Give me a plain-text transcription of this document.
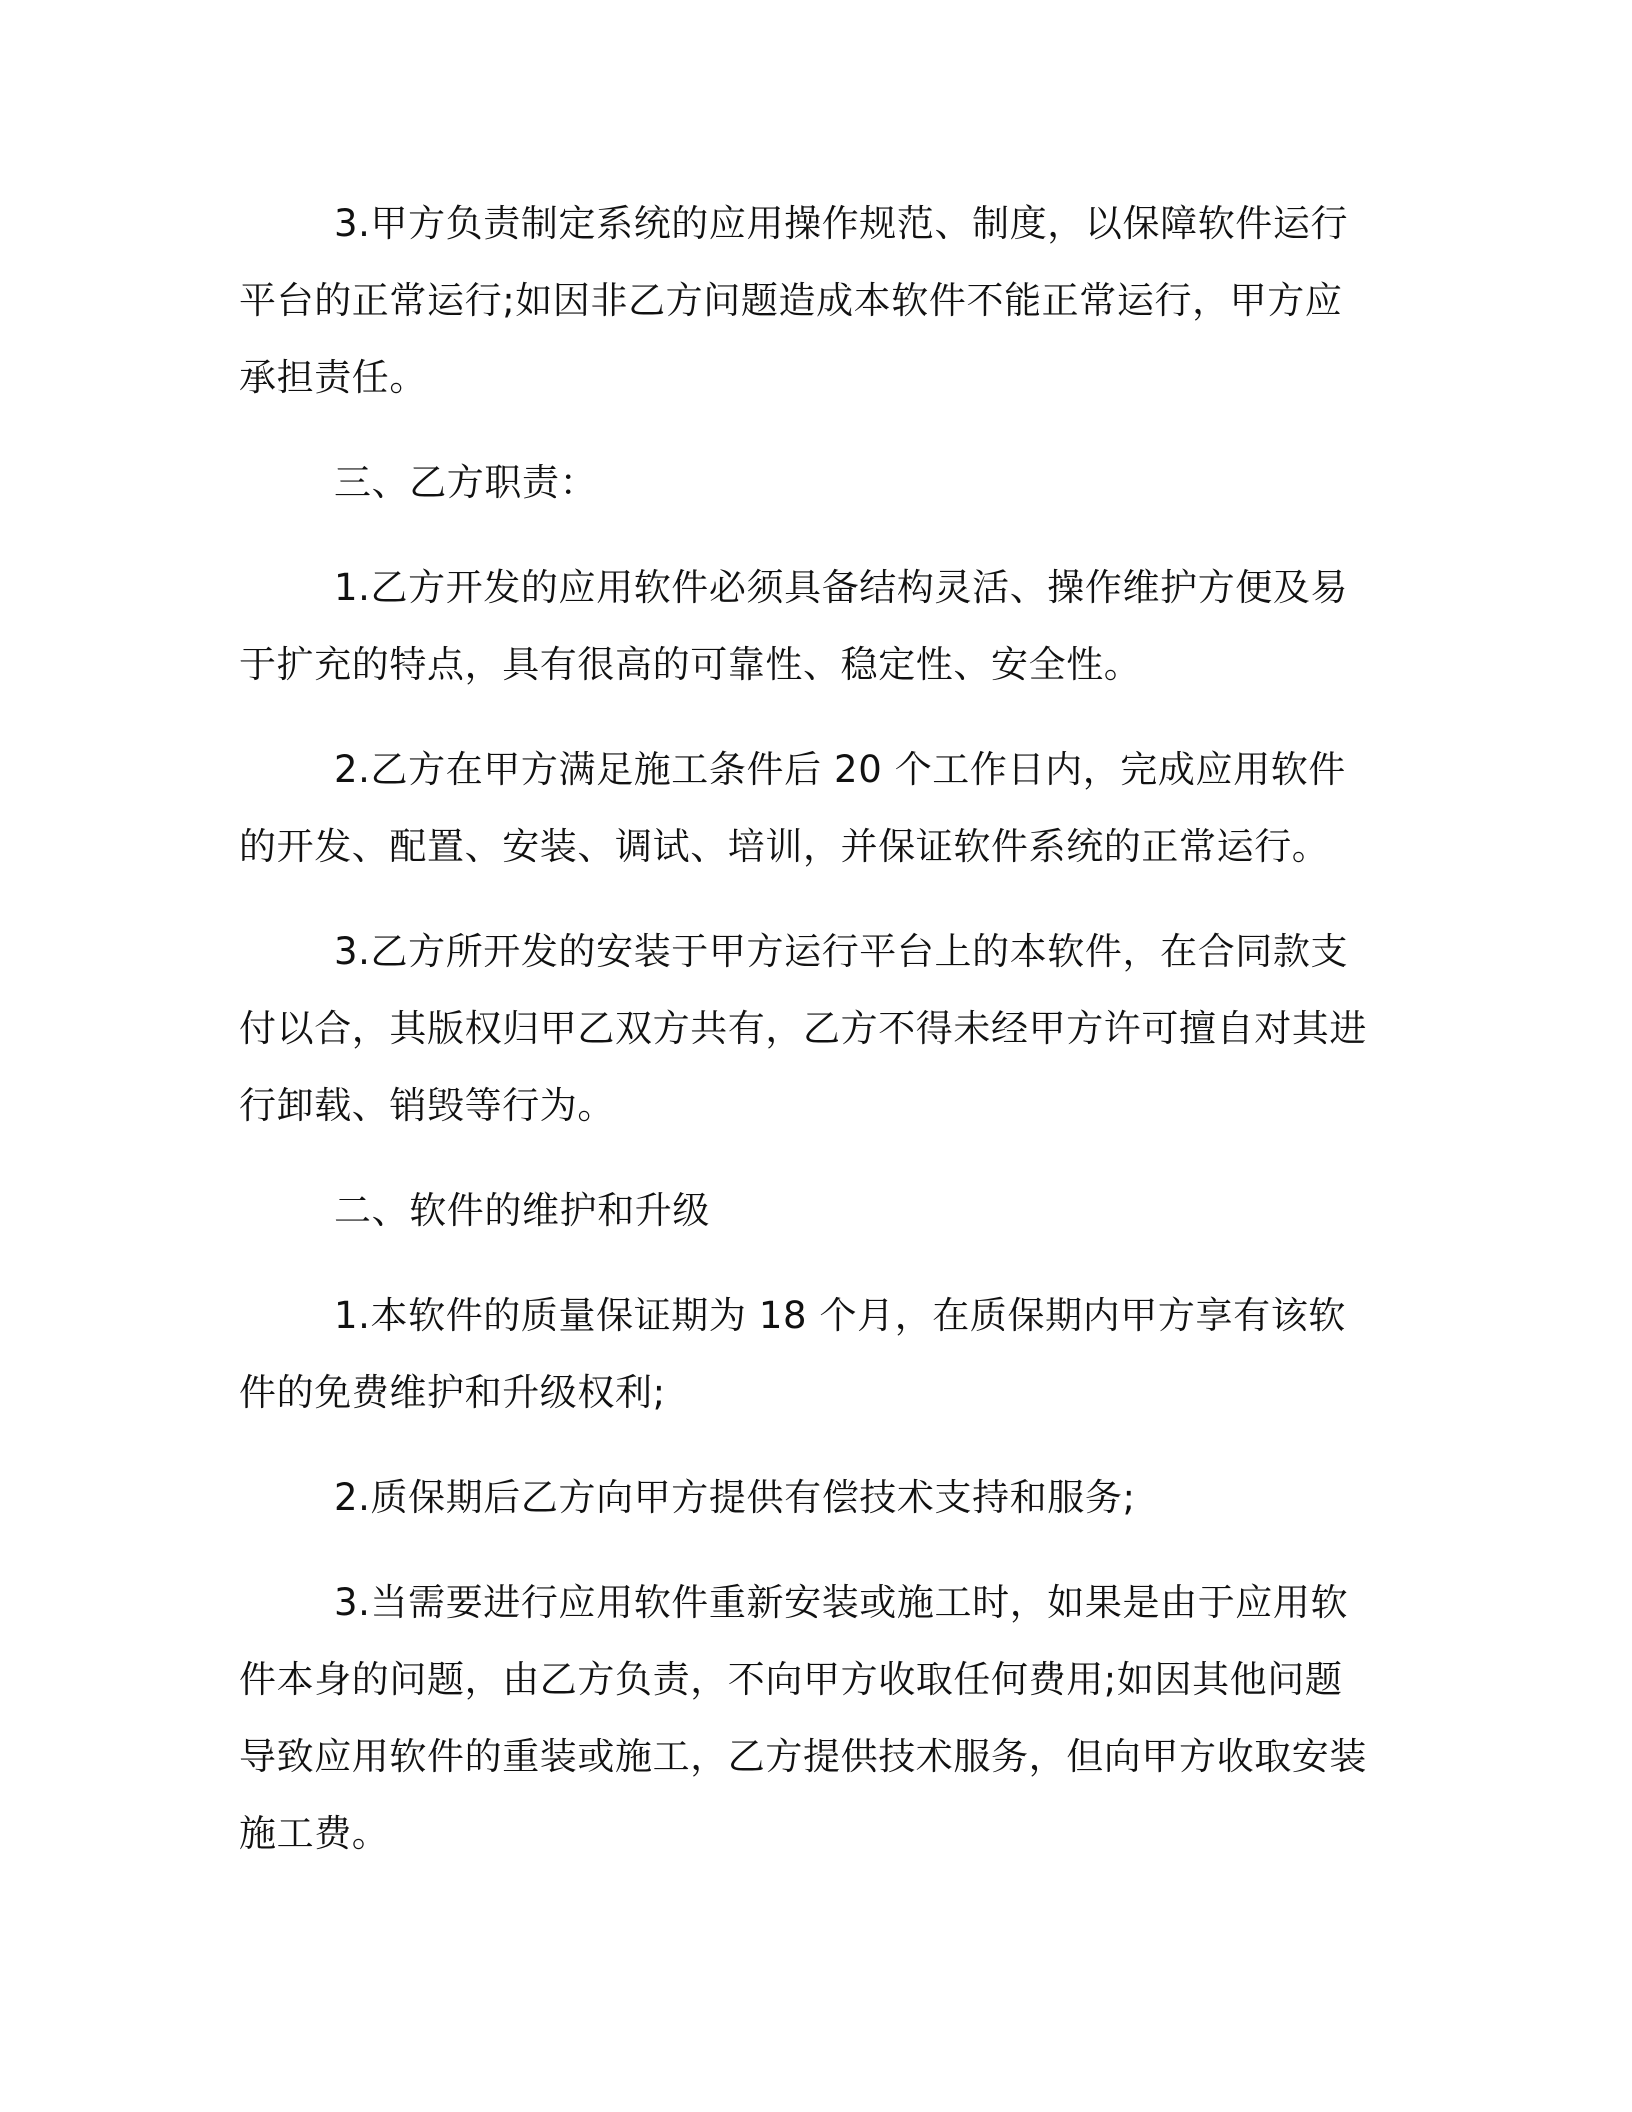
3.甲方负责制定系统的应用操作规范、制度，以保障软件运行平台的正常运行;如因非乙方问题造成本软件不能正常运行，甲方应承担责任。

三、乙方职责：

1.乙方开发的应用软件必须具备结构灵活、操作维护方便及易于扩充的特点，具有很高的可靠性、稳定性、安全性。

2.乙方在甲方满足施工条件后 20 个工作日内，完成应用软件的开发、配置、安装、调试、培训，并保证软件系统的正常运行。

3.乙方所开发的安装于甲方运行平台上的本软件，在合同款支付以合，其版权归甲乙双方共有，乙方不得未经甲方许可擅自对其进行卸载、销毁等行为。

二、软件的维护和升级

1.本软件的质量保证期为 18 个月，在质保期内甲方享有该软件的免费维护和升级权利;

2.质保期后乙方向甲方提供有偿技术支持和服务;

3.当需要进行应用软件重新安装或施工时，如果是由于应用软件本身的问题，由乙方负责，不向甲方收取任何费用;如因其他问题导致应用软件的重装或施工，乙方提供技术服务，但向甲方收取安装施工费。
